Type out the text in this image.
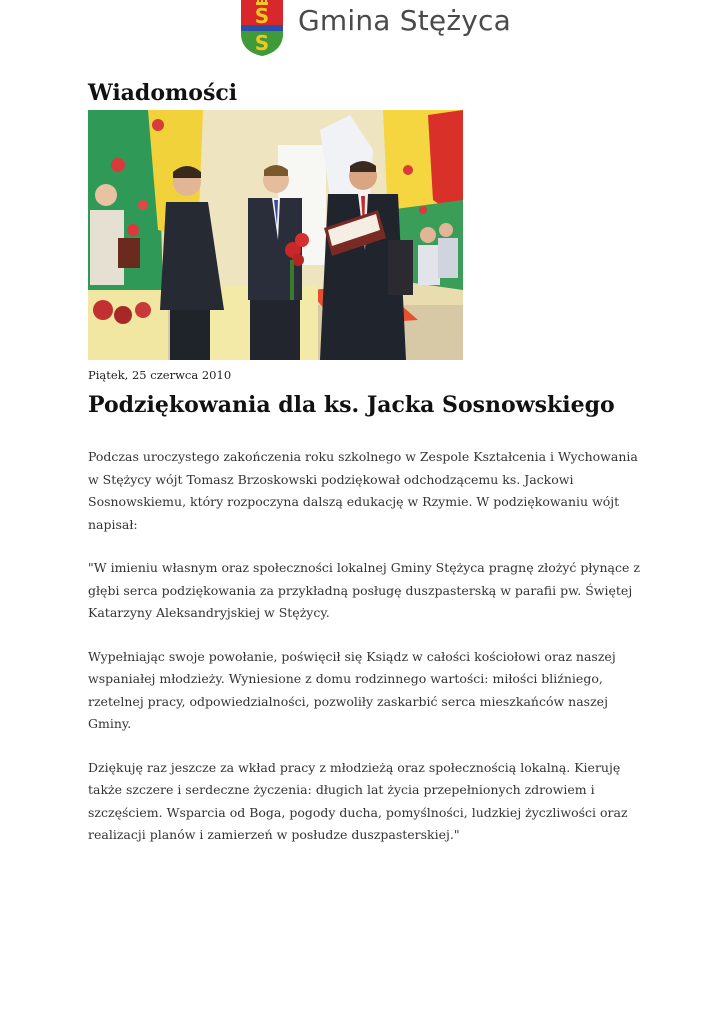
S
S
Gmina Stężyca
Wiadomości
Piątek, 25 czerwca 2010
Podziękowania dla ks. Jacka Sosnowskiego

Podczas uroczystego zakończenia roku szkolnego w Zespole Kształcenia i Wychowania w Stężycy wójt Tomasz Brzoskowski podziękował odchodzącemu ks. Jackowi Sosnowskiemu, który rozpoczyna dalszą edukację w Rzymie. W podziękowaniu wójt napisał:

"W imieniu własnym oraz społeczności lokalnej Gminy Stężyca pragnę złożyć płynące z głębi serca podziękowania za przykładną posługę duszpasterską w parafii pw. Świętej Katarzyny Aleksandryjskiej w Stężycy.

Wypełniając swoje powołanie, poświęcił się Ksiądz w całości kościołowi oraz naszej wspaniałej młodzieży. Wyniesione z domu rodzinnego wartości: miłości bliźniego, rzetelnej pracy, odpowiedzialności, pozwoliły zaskarbić serca mieszkańców naszej Gminy.

Dziękuję raz jeszcze za wkład pracy z młodzieżą oraz społecznością lokalną. Kieruję także szczere i serdeczne życzenia: długich lat życia przepełnionych zdrowiem i szczęściem. Wsparcia od Boga, pogody ducha, pomyślności, ludzkiej życzliwości oraz realizacji planów i zamierzeń w posłudze duszpasterskiej."
